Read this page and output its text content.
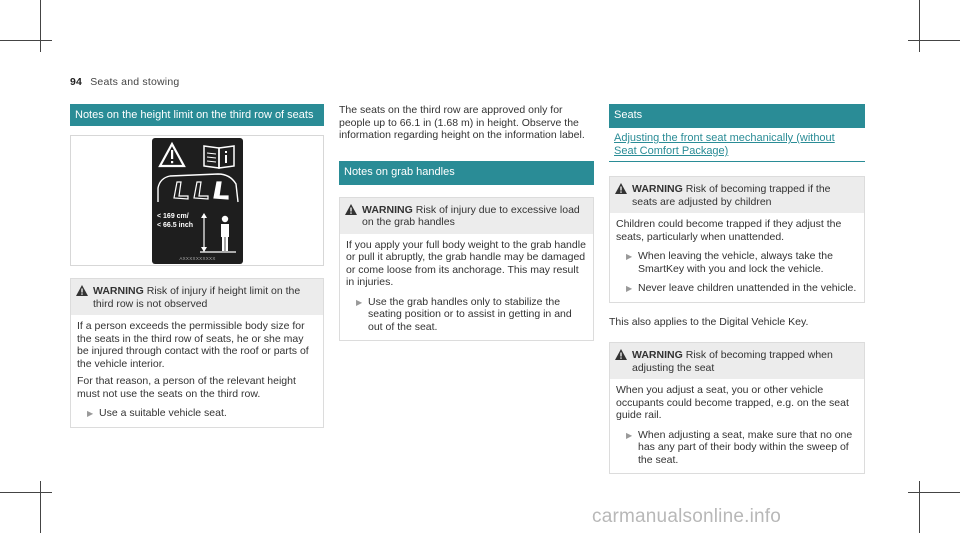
94 Seats and stowing
Notes on the height limit on the third row of seats
< 169 cm/
< 66.5 inch
AXXXXXXXXXX
WARNING Risk of injury if height limit on the third row is not observed

If a person exceeds the permissible body size for the seats in the third row of seats, he or she may be injured through contact with the roof or parts of the vehicle interior.

For that reason, a person of the relevant height must not use the seats on the third row.

▶ Use a suitable vehicle seat.
The seats on the third row are approved only for people up to 66.1 in (1.68 m) in height. Observe the information regarding height on the information label.
Notes on grab handles
WARNING Risk of injury due to excessive load on the grab handles

If you apply your full body weight to the grab handle or pull it abruptly, the grab handle may be damaged or come loose from its anchorage. This may result in injuries.

▶ Use the grab handles only to stabilize the seating position or to assist in getting in and out of the seat.
Seats
Adjusting the front seat mechanically (without Seat Comfort Package)
WARNING Risk of becoming trapped if the seats are adjusted by children

Children could become trapped if they adjust the seats, particularly when unattended.

▶ When leaving the vehicle, always take the SmartKey with you and lock the vehicle.
▶ Never leave children unattended in the vehicle.
This also applies to the Digital Vehicle Key.
WARNING Risk of becoming trapped when adjusting the seat

When you adjust a seat, you or other vehicle occupants could become trapped, e.g. on the seat guide rail.

▶ When adjusting a seat, make sure that no one has any part of their body within the sweep of the seat.
carmanualsonline.info
